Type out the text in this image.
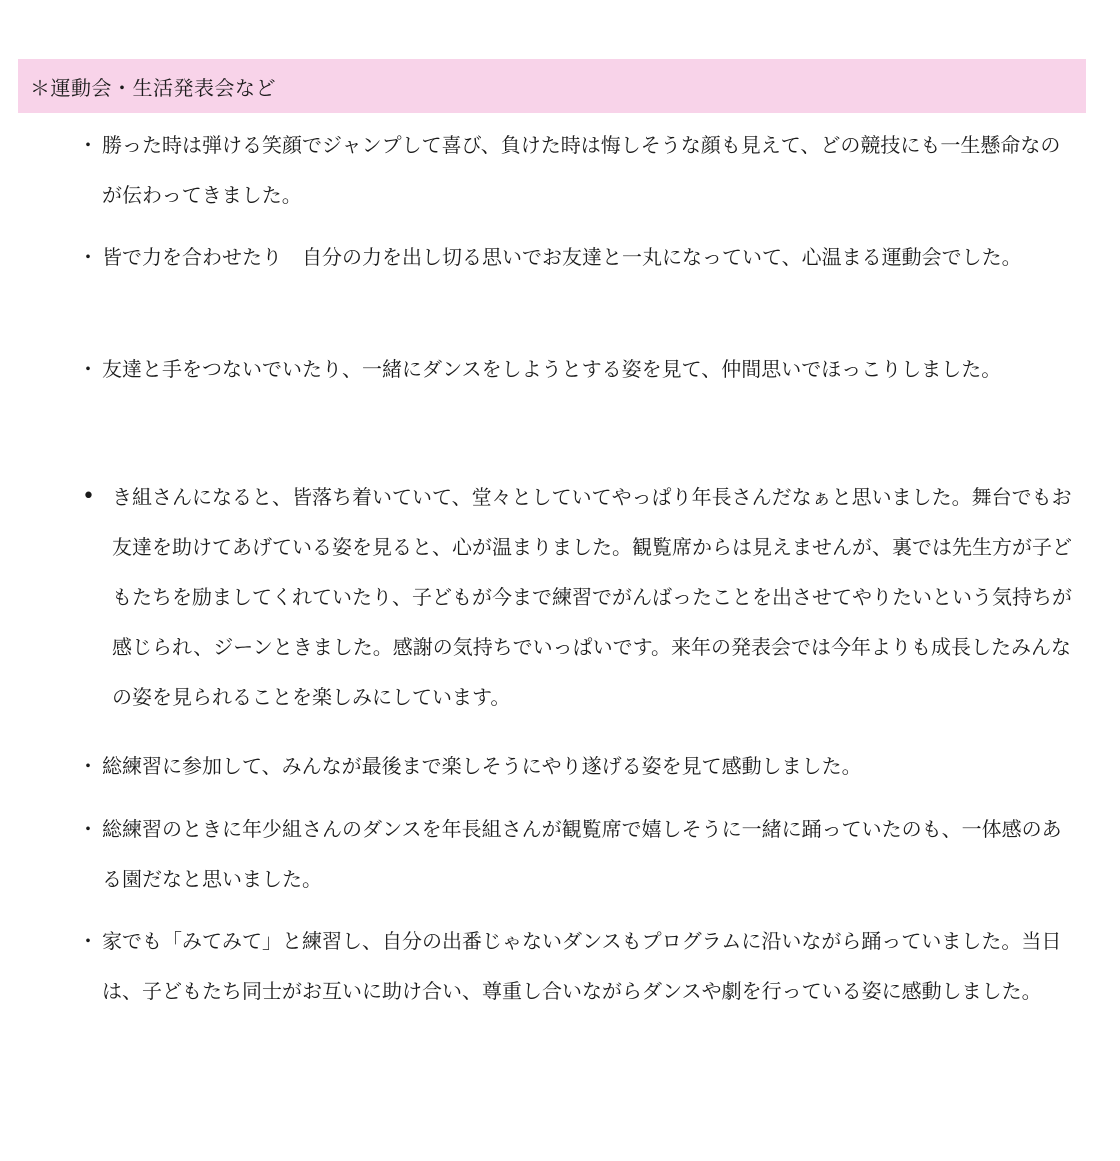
＊運動会・生活発表会など
・ 勝った時は弾ける笑顔でジャンプして喜び、負けた時は悔しそうな顔も見えて、どの競技にも一生懸命なのが伝わってきました。
・ 皆で力を合わせたり　自分の力を出し切る思いでお友達と一丸になっていて、心温まる運動会でした。
・ 友達と手をつないでいたり、一緒にダンスをしようとする姿を見て、仲間思いでほっこりしました。
• き組さんになると、皆落ち着いていて、堂々としていてやっぱり年長さんだなぁと思いました。舞台でもお友達を助けてあげている姿を見ると、心が温まりました。観覧席からは見えませんが、裏では先生方が子どもたちを励ましてくれていたり、子どもが今まで練習でがんばったことを出させてやりたいという気持ちが感じられ、ジーンときました。感謝の気持ちでいっぱいです。来年の発表会では今年よりも成長したみんなの姿を見られることを楽しみにしています。
・ 総練習に参加して、みんなが最後まで楽しそうにやり遂げる姿を見て感動しました。
・ 総練習のときに年少組さんのダンスを年長組さんが観覧席で嬉しそうに一緒に踊っていたのも、一体感のある園だなと思いました。
・ 家でも「みてみて」と練習し、自分の出番じゃないダンスもプログラムに沿いながら踊っていました。当日は、子どもたち同士がお互いに助け合い、尊重し合いながらダンスや劇を行っている姿に感動しました。
